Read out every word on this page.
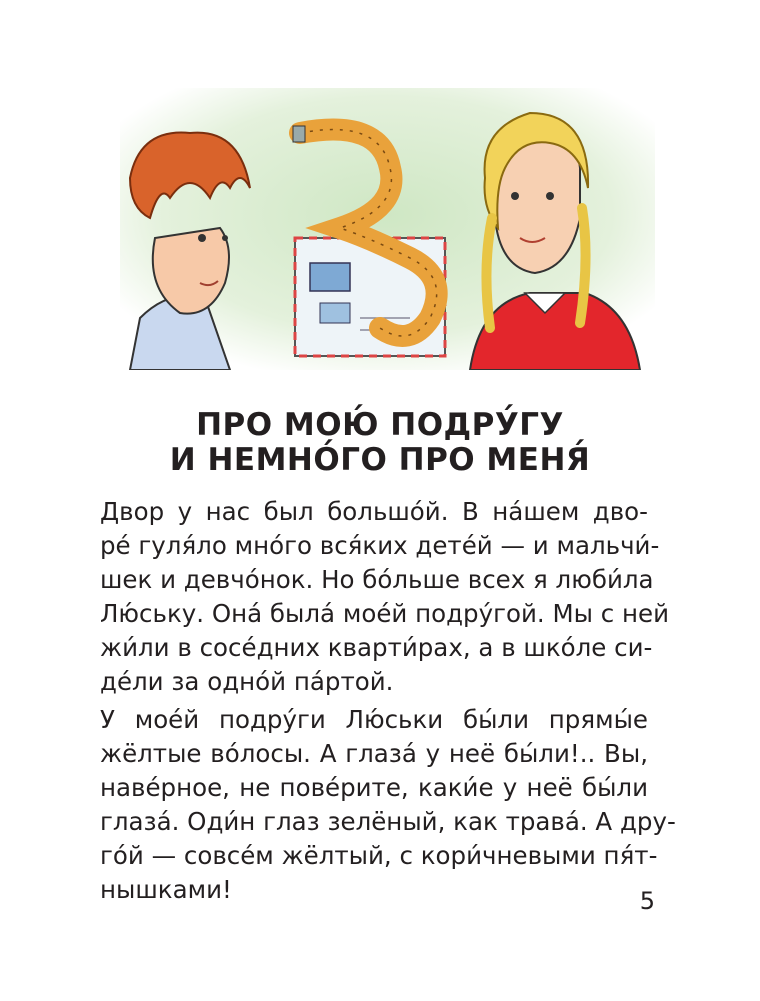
ПРО МОЮ́ ПОДРУ́ГУ
И НЕМНО́ГО ПРО МЕНЯ́
Двор у нас был большо́й. В на́шем дво-
ре́ гуля́ло мно́го вся́ких дете́й — и мальчи́-
шек и девчо́нок. Но бо́льше всех я люби́ла
Лю́ську. Она́ была́ мое́й подру́гой. Мы с ней
жи́ли в сосе́дних кварти́рах, а в шко́ле си-
де́ли за одно́й па́ртой.
У мое́й подру́ги Лю́ськи бы́ли прямы́е
жёлтые во́лосы. А глаза́ у неё бы́ли!.. Вы,
наве́рное, не пове́рите, каки́е у неё бы́ли
глаза́. Оди́н глаз зелёный, как трава́. А дру-
го́й — совсе́м жёлтый, с кори́чневыми пя́т-
нышками!	5
